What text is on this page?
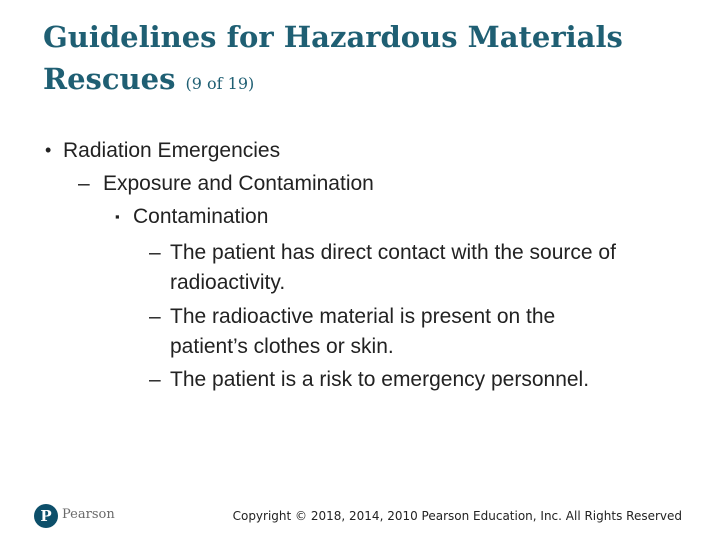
Guidelines for Hazardous Materials
Rescues (9 of 19)
• Radiation Emergencies
– Exposure and Contamination
▪ Contamination
– The patient has direct contact with the source of
radioactivity.
– The radioactive material is present on the
patient’s clothes or skin.
– The patient is a risk to emergency personnel.
P Pearson	Copyright © 2018, 2014, 2010 Pearson Education, Inc. All Rights Reserved
